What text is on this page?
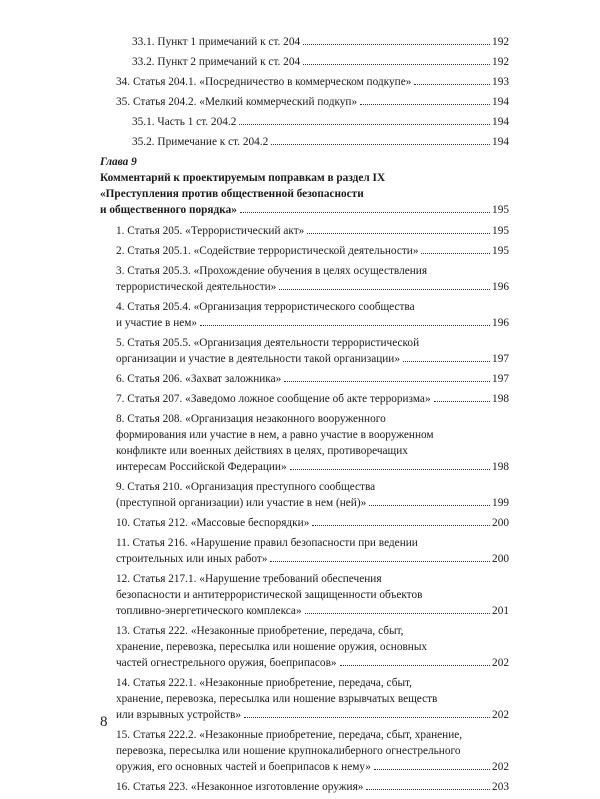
33.1. Пункт 1 примечаний к ст. 204	192
33.2. Пункт 2 примечаний к ст. 204	192
34. Статья 204.1. «Посредничество в коммерческом подкупе»	193
35. Статья 204.2. «Мелкий коммерческий подкуп»	194
35.1. Часть 1 ст. 204.2	194
35.2. Примечание к ст. 204.2	194
Глава 9
Комментарий к проектируемым поправкам в раздел IX
«Преступления против общественной безопасности
и общественного порядка»	195
1. Статья 205. «Террористический акт»	195
2. Статья 205.1. «Содействие террористической деятельности»	195
3. Статья 205.3. «Прохождение обучения в целях осуществления
террористической деятельности»	196
4. Статья 205.4. «Организация террористического сообщества
и участие в нем»	196
5. Статья 205.5. «Организация деятельности террористической
организации и участие в деятельности такой организации»	197
6. Статья 206. «Захват заложника»	197
7. Статья 207. «Заведомо ложное сообщение об акте терроризма»	198
8. Статья 208. «Организация незаконного вооруженного
формирования или участие в нем, а равно участие в вооруженном
конфликте или военных действиях в целях, противоречащих
интересам Российской Федерации»	198
9. Статья 210. «Организация преступного сообщества
(преступной организации) или участие в нем (ней)»	199
10. Статья 212. «Массовые беспорядки»	200
11. Статья 216. «Нарушение правил безопасности при ведении
строительных или иных работ»	200
12. Статья 217.1. «Нарушение требований обеспечения
безопасности и антитеррористической защищенности объектов
топливно-энергетического комплекса»	201
13. Статья 222. «Незаконные приобретение, передача, сбыт,
хранение, перевозка, пересылка или ношение оружия, основных
частей огнестрельного оружия, боеприпасов»	202
14. Статья 222.1. «Незаконные приобретение, передача, сбыт,
хранение, перевозка, пересылка или ношение взрывчатых веществ
или взрывных устройств»	202
15. Статья 222.2. «Незаконные приобретение, передача, сбыт, хранение,
перевозка, пересылка или ношение крупнокалиберного огнестрельного
оружия, его основных частей и боеприпасов к нему»	202
16. Статья 223. «Незаконное изготовление оружия»	203
8
